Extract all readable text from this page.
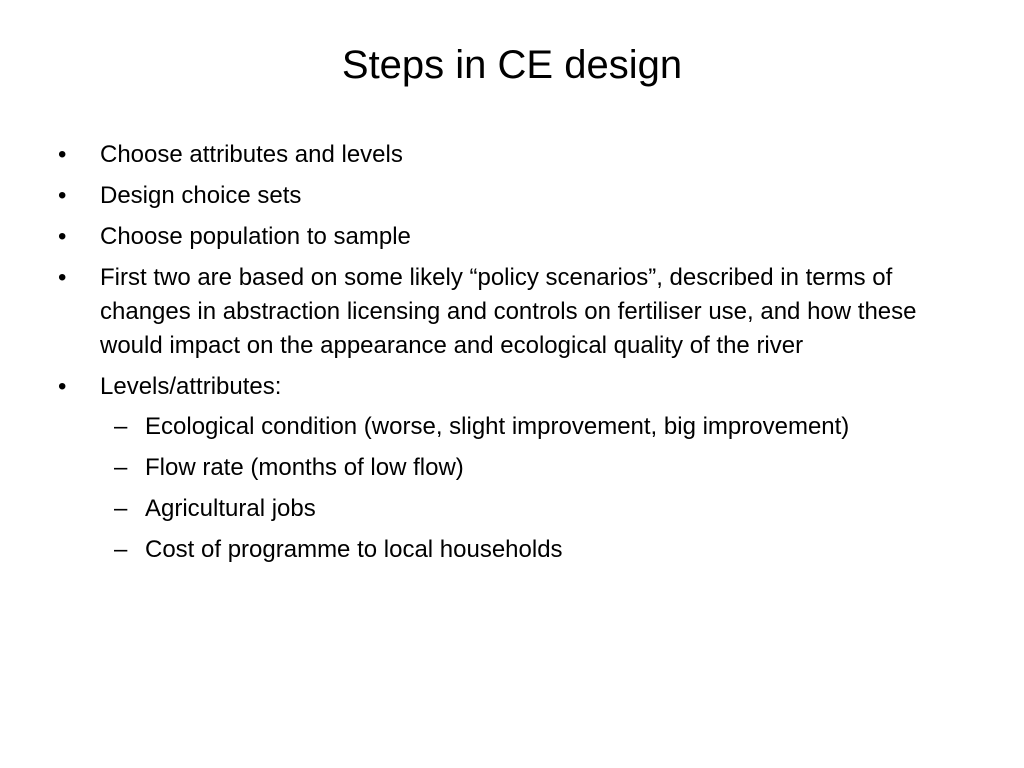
Steps in CE design
•	Choose attributes and levels
•	Design choice sets
•	Choose population to sample
•	First two are based on some likely “policy scenarios”, described in terms of changes in abstraction licensing and controls on fertiliser use, and how these would impact on the appearance and ecological quality of the river
•	Levels/attributes:
– Ecological condition (worse, slight improvement, big improvement)
– Flow rate (months of low flow)
– Agricultural jobs
– Cost of programme to local households
